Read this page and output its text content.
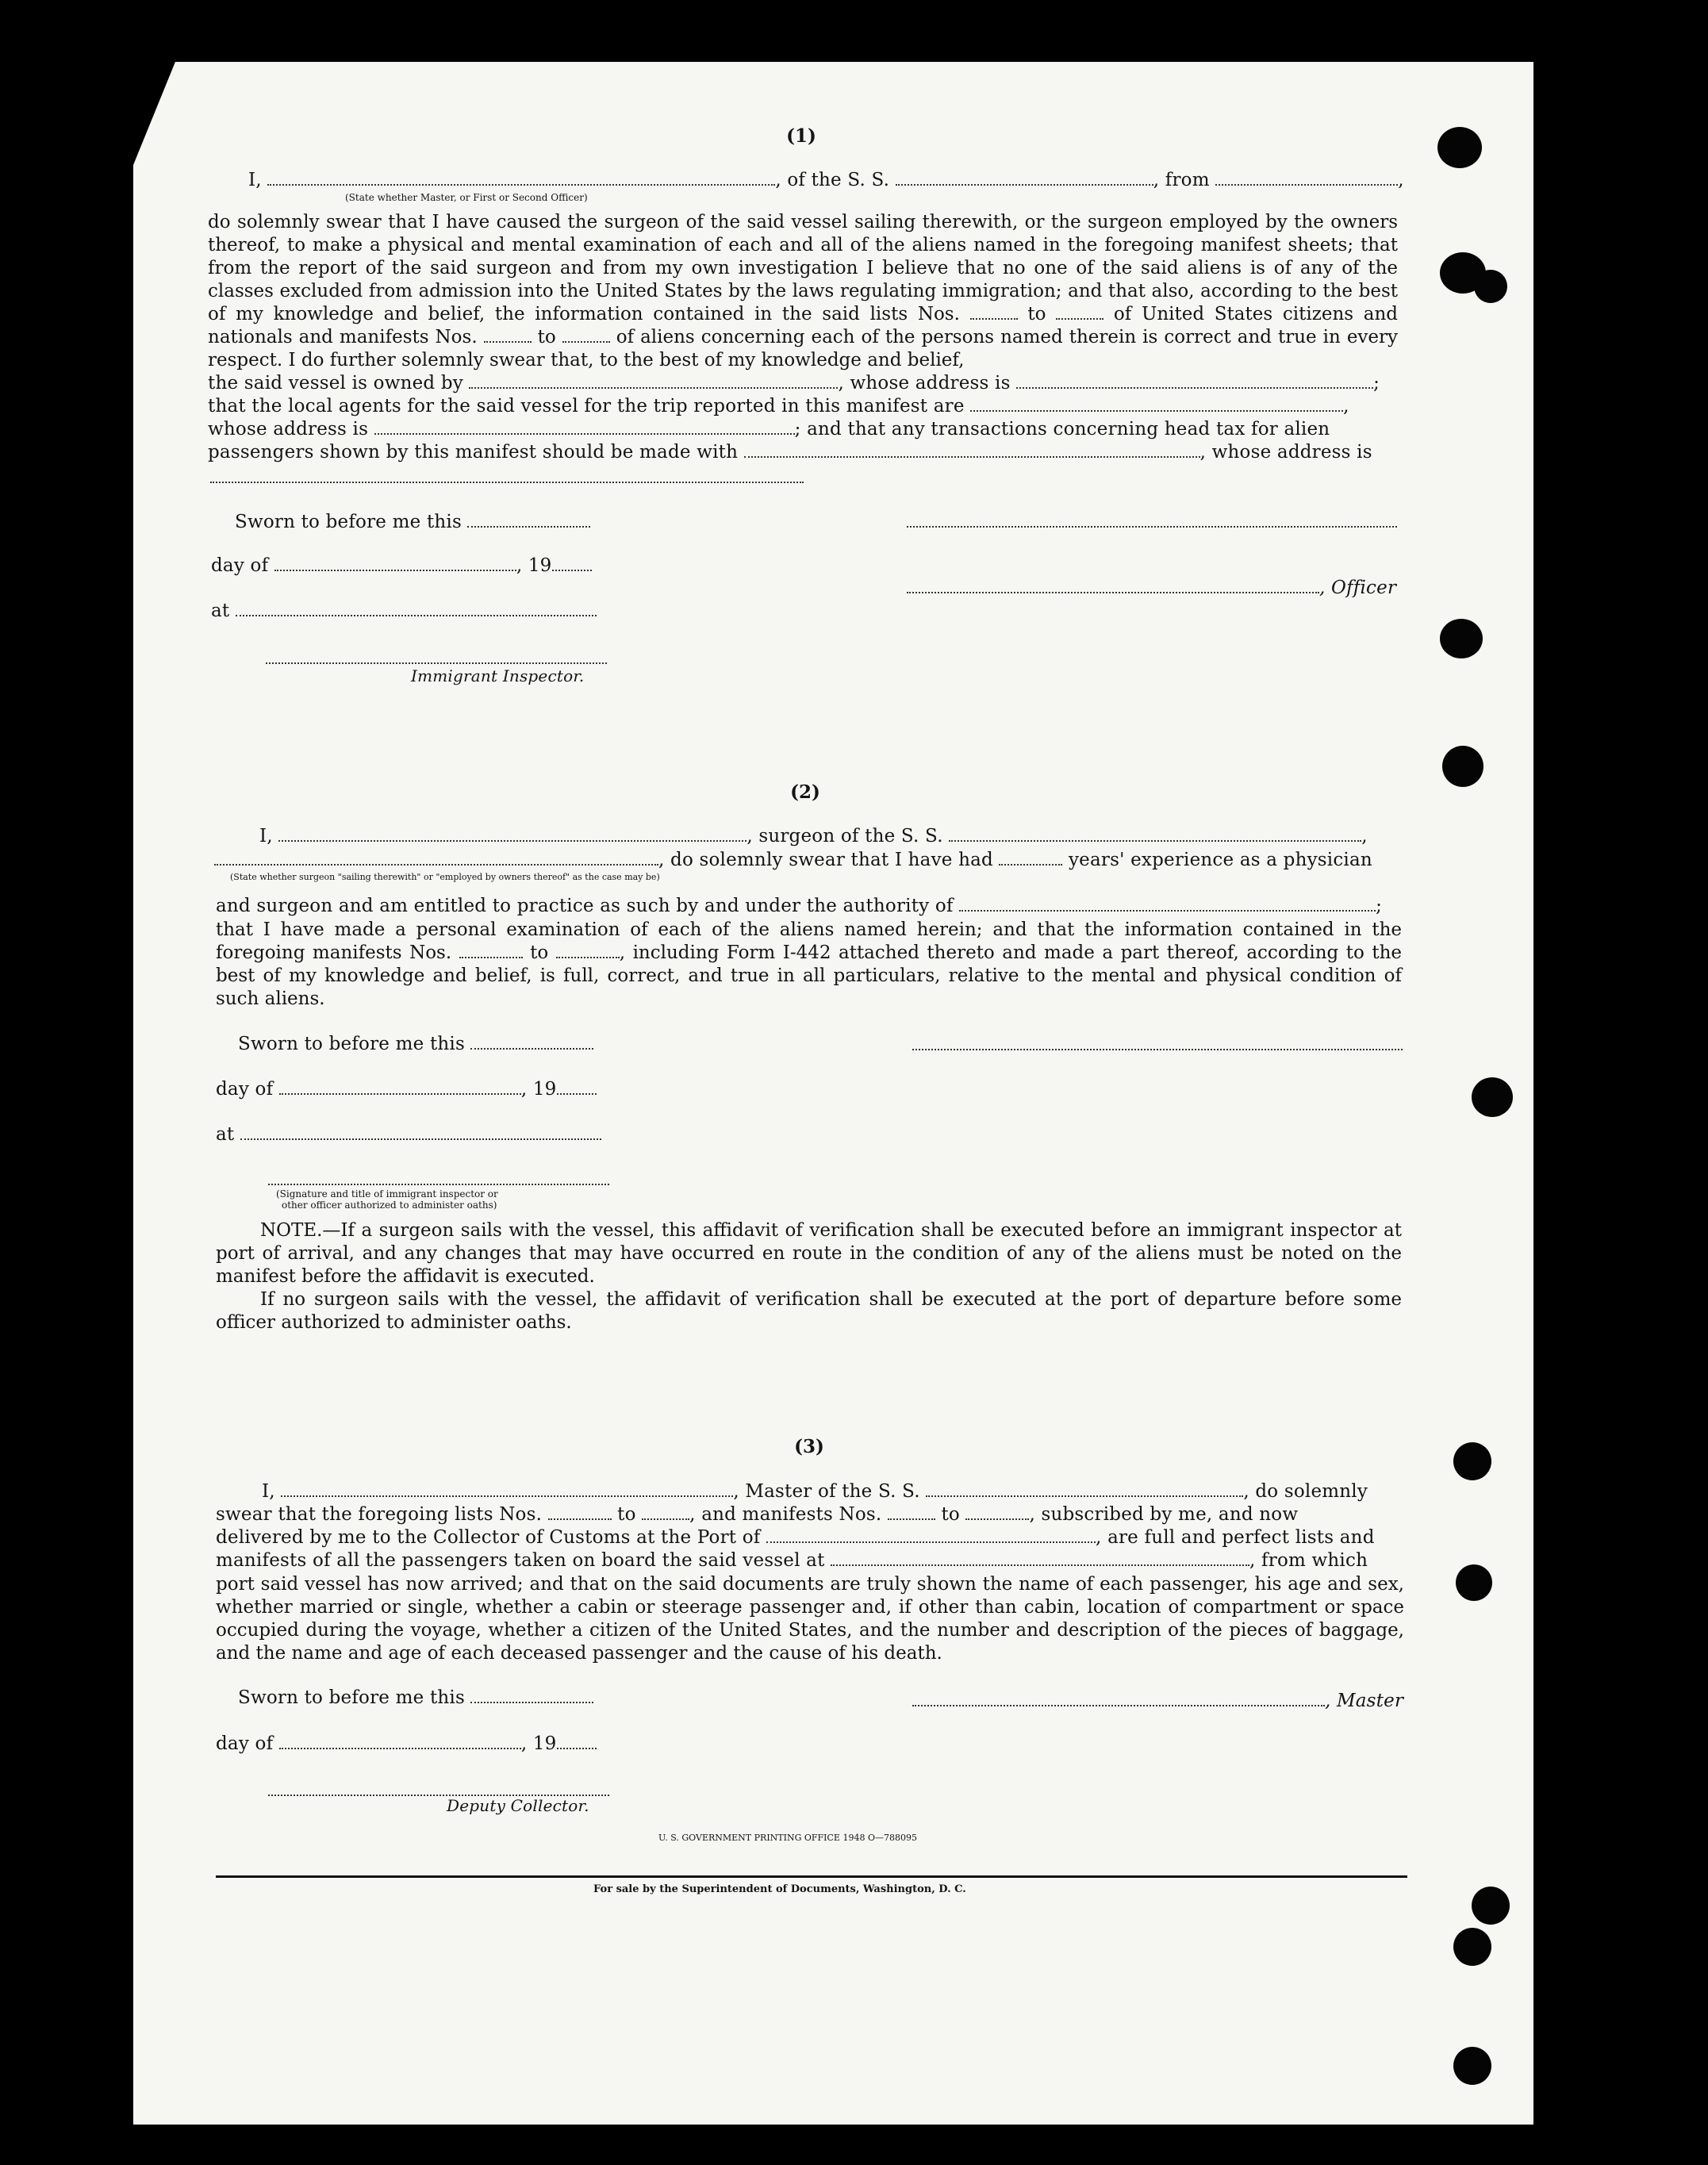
(1)
I,	, of the S. S.	, from	,
(State whether Master, or First or Second Officer)
do solemnly swear that I have caused the surgeon of the said vessel sailing therewith, or the surgeon employed by the owners thereof, to make a physical and mental examination of each and all of the aliens named in the foregoing manifest sheets; that from the report of the said surgeon and from my own investigation I believe that no one of the said aliens is of any of the classes excluded from admission into the United States by the laws regulating immigration; and that also, according to the best of my knowledge and belief, the information contained in the said lists Nos.	to	of United States citizens and nationals and manifests Nos.	to	of aliens concerning each of the persons named therein is correct and true in every respect. I do further solemnly swear that, to the best of my knowledge and belief,
the said vessel is owned by	, whose address is	;
that the local agents for the said vessel for the trip reported in this manifest are	,
whose address is	; and that any transactions concerning head tax for alien
passengers shown by this manifest should be made with	, whose address is
Sworn to before me this
day of	, 19
, Officer
at
Immigrant Inspector.
(2)
I,	, surgeon of the S. S.	,
, do solemnly swear that I have had	years' experience as a physician
(State whether surgeon "sailing therewith" or "employed by owners thereof" as the case may be)
and surgeon and am entitled to practice as such by and under the authority of	;
that I have made a personal examination of each of the aliens named herein; and that the information contained in the foregoing manifests Nos.	to	, including Form I-442 attached thereto and made a part thereof, according to the best of my knowledge and belief, is full, correct, and true in all particulars, relative to the mental and physical condition of such aliens.
Sworn to before me this
day of	, 19
at
(Signature and title of immigrant inspector or
other officer authorized to administer oaths)
NOTE.—If a surgeon sails with the vessel, this affidavit of verification shall be executed before an immigrant inspector at port of arrival, and any changes that may have occurred en route in the condition of any of the aliens must be noted on the manifest before the affidavit is executed.
If no surgeon sails with the vessel, the affidavit of verification shall be executed at the port of departure before some officer authorized to administer oaths.
(3)
I,	, Master of the S. S.	, do solemnly
swear that the foregoing lists Nos.	to	, and manifests Nos.	to	, subscribed by me, and now
delivered by me to the Collector of Customs at the Port of	, are full and perfect lists and
manifests of all the passengers taken on board the said vessel at	, from which
port said vessel has now arrived; and that on the said documents are truly shown the name of each passenger, his age and sex, whether married or single, whether a cabin or steerage passenger and, if other than cabin, location of compartment or space occupied during the voyage, whether a citizen of the United States, and the number and description of the pieces of baggage, and the name and age of each deceased passenger and the cause of his death.
Sworn to before me this	, Master
day of	, 19
Deputy Collector.
U. S. GOVERNMENT PRINTING OFFICE 1948 O—788095
For sale by the Superintendent of Documents, Washington, D. C.
